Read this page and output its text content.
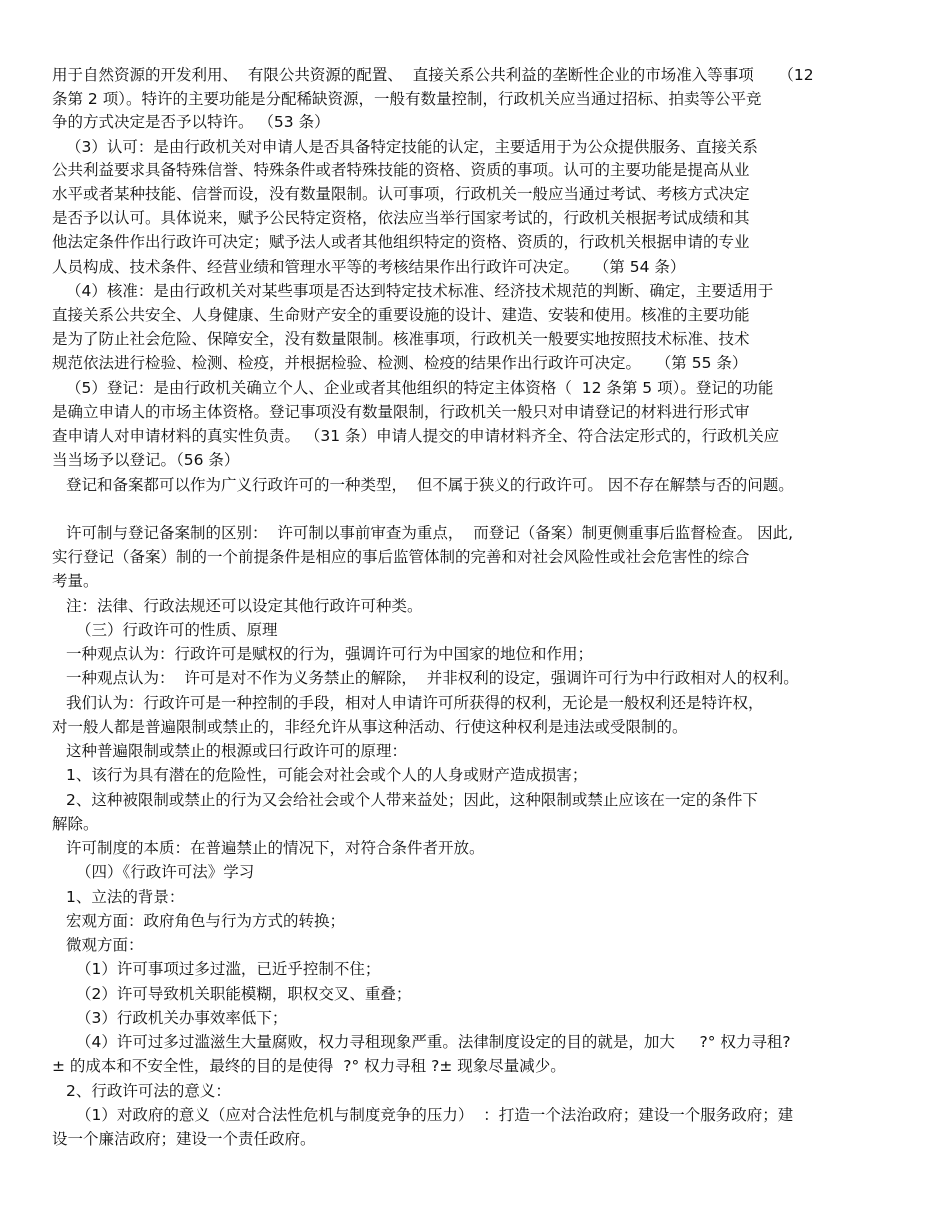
用于自然资源的开发利用、  有限公共资源的配置、  直接关系公共利益的垄断性企业的市场准入等事项     （12
条第 2 项）。特许的主要功能是分配稀缺资源，一般有数量控制，行政机关应当通过招标、拍卖等公平竞
争的方式决定是否予以特许。 （53 条）
（3）认可：是由行政机关对申请人是否具备特定技能的认定，主要适用于为公众提供服务、直接关系
公共利益要求具备特殊信誉、特殊条件或者特殊技能的资格、资质的事项。认可的主要功能是提高从业
水平或者某种技能、信誉而设，没有数量限制。认可事项，行政机关一般应当通过考试、考核方式决定
是否予以认可。具体说来，赋予公民特定资格，依法应当举行国家考试的，行政机关根据考试成绩和其
他法定条件作出行政许可决定；赋予法人或者其他组织特定的资格、资质的，行政机关根据申请的专业
人员构成、技术条件、经营业绩和管理水平等的考核结果作出行政许可决定。   （第 54 条）
（4）核准：是由行政机关对某些事项是否达到特定技术标准、经济技术规范的判断、确定，主要适用于
直接关系公共安全、人身健康、生命财产安全的重要设施的设计、建造、安装和使用。核准的主要功能
是为了防止社会危险、保障安全，没有数量限制。核准事项，行政机关一般要实地按照技术标准、技术
规范依法进行检验、检测、检疫，并根据检验、检测、检疫的结果作出行政许可决定。   （第 55 条）
（5）登记：是由行政机关确立个人、企业或者其他组织的特定主体资格（  12 条第 5 项）。登记的功能
是确立申请人的市场主体资格。登记事项没有数量限制，行政机关一般只对申请登记的材料进行形式审
查申请人对申请材料的真实性负责。 （31 条）申请人提交的申请材料齐全、符合法定形式的，行政机关应
当当场予以登记。（56 条）
登记和备案都可以作为广义行政许可的一种类型，  但不属于狭义的行政许可。 因不存在解禁与否的问题。
许可制与登记备案制的区别：  许可制以事前审查为重点，  而登记（备案）制更侧重事后监督检查。 因此,
实行登记（备案）制的一个前提条件是相应的事后监管体制的完善和对社会风险性或社会危害性的综合
考量。
注：法律、行政法规还可以设定其他行政许可种类。
（三）行政许可的性质、原理
一种观点认为：行政许可是赋权的行为，强调许可行为中国家的地位和作用；
一种观点认为：  许可是对不作为义务禁止的解除，  并非权利的设定，强调许可行为中行政相对人的权利。
我们认为：行政许可是一种控制的手段，相对人申请许可所获得的权利，无论是一般权利还是特许权，
对一般人都是普遍限制或禁止的，非经允许从事这种活动、行使这种权利是违法或受限制的。
这种普遍限制或禁止的根源或曰行政许可的原理：
1、该行为具有潜在的危险性，可能会对社会或个人的人身或财产造成损害；
2、这种被限制或禁止的行为又会给社会或个人带来益处；因此，这种限制或禁止应该在一定的条件下
解除。
许可制度的本质：在普遍禁止的情况下，对符合条件者开放。
（四）《行政许可法》学习
1、立法的背景：
宏观方面：政府角色与行为方式的转换；
微观方面：
（1）许可事项过多过滥，已近乎控制不住；
（2）许可导致机关职能模糊，职权交叉、重叠；
（3）行政机关办事效率低下；
（4）许可过多过滥滋生大量腐败，权力寻租现象严重。法律制度设定的目的就是，加大     ?° 权力寻租?
± 的成本和不安全性，最终的目的是使得  ?° 权力寻租 ?± 现象尽量减少。
2、行政许可法的意义：
（1）对政府的意义（应对合法性危机与制度竞争的压力）  ：打造一个法治政府；建设一个服务政府；建
设一个廉洁政府；建设一个责任政府。
